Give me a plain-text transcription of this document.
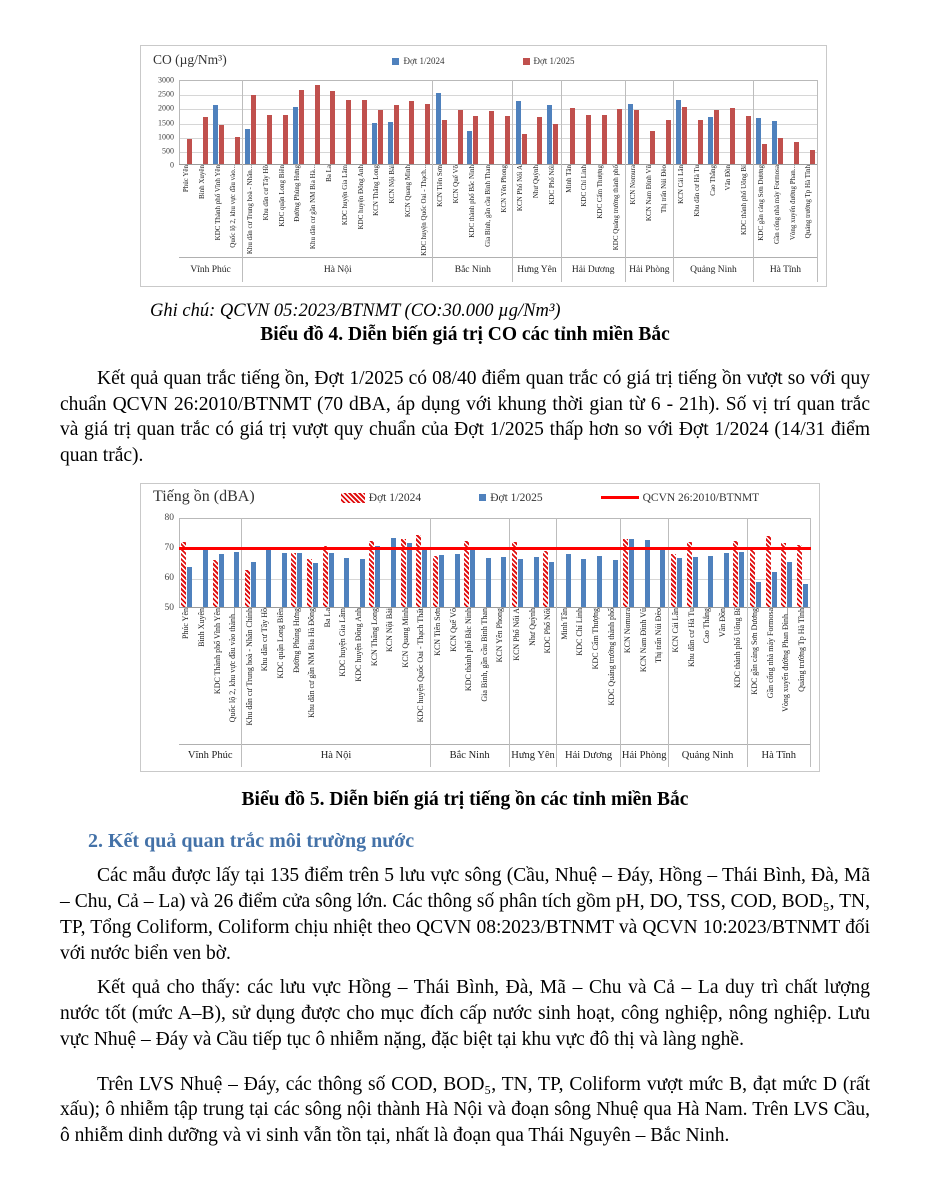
CO (µg/Nm³)	Đợt 1/2024	Đợt 1/2025
0
500
1000
1500
2000
2500
3000
Phúc Yên Bình Xuyên KDC Thành phố Vĩnh Yên Quốc lộ 2, khu vực đầu vào...
Vĩnh Phúc
Khu dân cư Trung hoà - Nhân... Khu dân cư Tây Hồ KDC quận Long Biên Đường Phùng Hưng Khu dân cư gần NM Bia Hà... Ba La KDC huyện Gia Lâm KDC huyện Đông Anh KCN Thăng Long KCN Nội Bài KCN Quang Minh KDC huyện Quốc Oai - Thạch...
Hà Nội
KCN Tiên Sơn KCN Quế Võ KDC thành phố Bắc Ninh Gia Bình, gần cầu Bình Than KCN Yên Phong
Bắc Ninh
KCN Phố Nối A Như Quỳnh KDC Phố Nối
Hưng Yên
Minh Tân KDC Chí Linh KDC Cẩm Thượng KDC Quảng trường thành phố
Hải Dương
KCN Nomura KCN Nam Đình Vũ Thị trấn Núi Đèo
Hải Phòng
KCN Cái Lân Khu dân cư Hà Tu Cao Thắng Vân Đồn KDC thành phố Uông Bí
Quảng Ninh
KDC gần cảng Sơn Dương Gần cổng nhà máy Formosa Vòng xuyến đường Phan... Quảng trường Tp Hà Tĩnh
Hà Tĩnh

Ghi chú: QCVN 05:2023/BTNMT (CO:30.000 µg/Nm³)

Biểu đồ 4. Diễn biến giá trị CO các tỉnh miền Bắc

Kết quả quan trắc tiếng ồn, Đợt 1/2025 có 08/40 điểm quan trắc có giá trị tiếng ồn vượt so với quy chuẩn QCVN 26:2010/BTNMT (70 dBA, áp dụng với khung thời gian từ 6 - 21h). Số vị trí quan trắc và giá trị quan trắc có giá trị vượt quy chuẩn của Đợt 1/2025 thấp hơn so với Đợt 1/2024 (14/31 điểm quan trắc).

Tiếng ồn (dBA)	Đợt 1/2024	Đợt 1/2025	QCVN 26:2010/BTNMT
50
60
70
80
Phúc Yên Bình Xuyên KDC Thành phố Vĩnh Yên Quốc lộ 2, khu vực đầu vào thành...
Vĩnh Phúc
Khu dân cư Trung hoà - Nhân Chính Khu dân cư Tây Hồ KDC quận Long Biên Đường Phùng Hưng Khu dân cư gần NM Bia Hà Đông Ba La KDC huyện Gia Lâm KDC huyện Đông Anh KCN Thăng Long KCN Nội Bài KCN Quang Minh KDC huyện Quốc Oai - Thạch Thất
Hà Nội
KCN Tiên Sơn KCN Quế Võ KDC thành phố Bắc Ninh Gia Bình, gần cầu Bình Than KCN Yên Phong
Bắc Ninh
KCN Phố Nối A Như Quỳnh KDC Phố Nối
Hưng Yên
Minh Tân KDC Chí Linh KDC Cẩm Thượng KDC Quảng trường thành phố
Hải Dương
KCN Nomura KCN Nam Đình Vũ Thị trấn Núi Đèo
Hải Phòng
KCN Cái Lân Khu dân cư Hà Tu Cao Thắng Vân Đồn KDC thành phố Uông Bí
Quảng Ninh
KDC gần cảng Sơn Dương Gần cổng nhà máy Formosa Vòng xuyến đường Phan Đình... Quảng trường Tp Hà Tĩnh
Hà Tĩnh

Biểu đồ 5. Diễn biến giá trị tiếng ồn các tỉnh miền Bắc

2. Kết quả quan trắc môi trường nước

Các mẫu được lấy tại 135 điểm trên 5 lưu vực sông (Cầu, Nhuệ – Đáy, Hồng – Thái Bình, Đà, Mã – Chu, Cả – La) và 26 điểm cửa sông lớn. Các thông số phân tích gồm pH, DO, TSS, COD, BOD₅, TN, TP, Tổng Coliform, Coliform chịu nhiệt theo QCVN 08:2023/BTNMT và QCVN 10:2023/BTNMT đối với nước biển ven bờ.

Kết quả cho thấy: các lưu vực Hồng – Thái Bình, Đà, Mã – Chu và Cả – La duy trì chất lượng nước tốt (mức A–B), sử dụng được cho mục đích cấp nước sinh hoạt, công nghiệp, nông nghiệp. Lưu vực Nhuệ – Đáy và Cầu tiếp tục ô nhiễm nặng, đặc biệt tại khu vực đô thị và làng nghề.

Trên LVS Nhuệ – Đáy, các thông số COD, BOD₅, TN, TP, Coliform vượt mức B, đạt mức D (rất xấu); ô nhiễm tập trung tại các sông nội thành Hà Nội và đoạn sông Nhuệ qua Hà Nam. Trên LVS Cầu, ô nhiễm dinh dưỡng và vi sinh vẫn tồn tại, nhất là đoạn qua Thái Nguyên – Bắc Ninh.
